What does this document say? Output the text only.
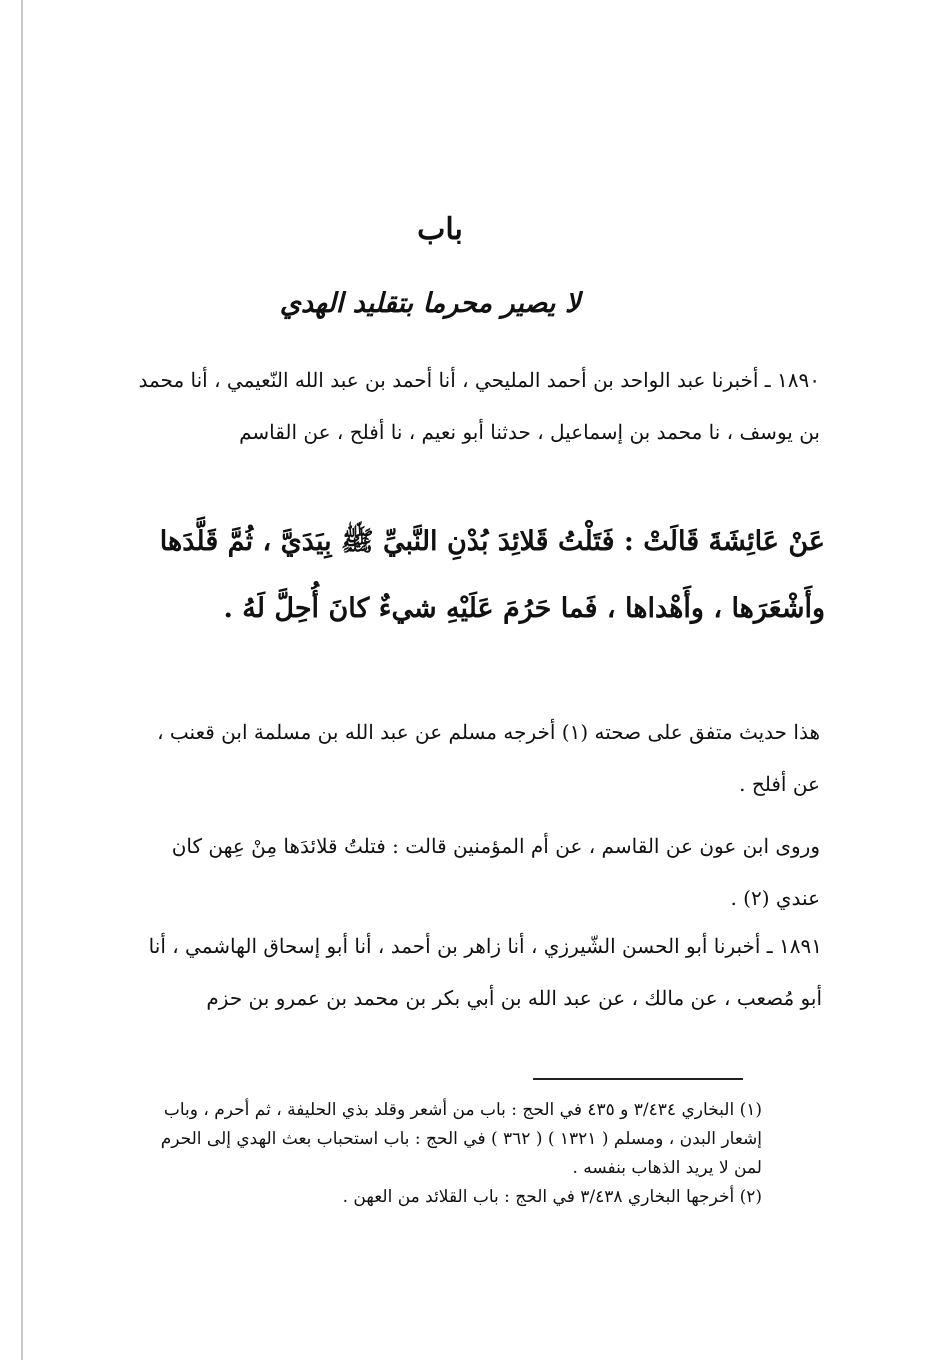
باب
لا يصير محرما بتقليد الهدي
١٨٩٠ ـ أخبرنا عبد الواحد بن أحمد المليحي ، أنا أحمد بن عبد الله النّعيمي ، أنا محمد بن يوسف ، نا محمد بن إسماعيل ، حدثنا أبو نعيم ، نا أفلح ، عن القاسم
عَنْ عَائِشَةَ قَالَتْ : فَتَلْتُ قَلائِدَ بُدْنِ النَّبيِّ ﷺ بِيَدَيَّ ، ثُمَّ قَلَّدَها وأَشْعَرَها ، وأَهْداها ، فَما حَرُمَ عَلَيْهِ شيءٌ كانَ أُحِلَّ لَهُ .
هذا حديث متفق على صحته (١) أخرجه مسلم عن عبد الله بن مسلمة ابن قعنب ، عن أفلح .
وروى ابن عون عن القاسم ، عن أم المؤمنين قالت : فتلتُ قلائدَها مِنْ عِهن كان عندي (٢) .
١٨٩١ ـ أخبرنا أبو الحسن الشّيرزي ، أنا زاهر بن أحمد ، أنا أبو إسحاق الهاشمي ، أنا أبو مُصعب ، عن مالك ، عن عبد الله بن أبي بكر بن محمد بن عمرو بن حزم
(١) البخاري ٣/٤٣٤ و ٤٣٥ في الحج : باب من أشعر وقلد بذي الحليفة ، ثم أحرم ، وباب إشعار البدن ، ومسلم ( ١٣٢١ ) ( ٣٦٢ ) في الحج : باب استحباب بعث الهدي إلى الحرم لمن لا يريد الذهاب بنفسه .
(٢) أخرجها البخاري ٣/٤٣٨ في الحج : باب القلائد من العهن .
